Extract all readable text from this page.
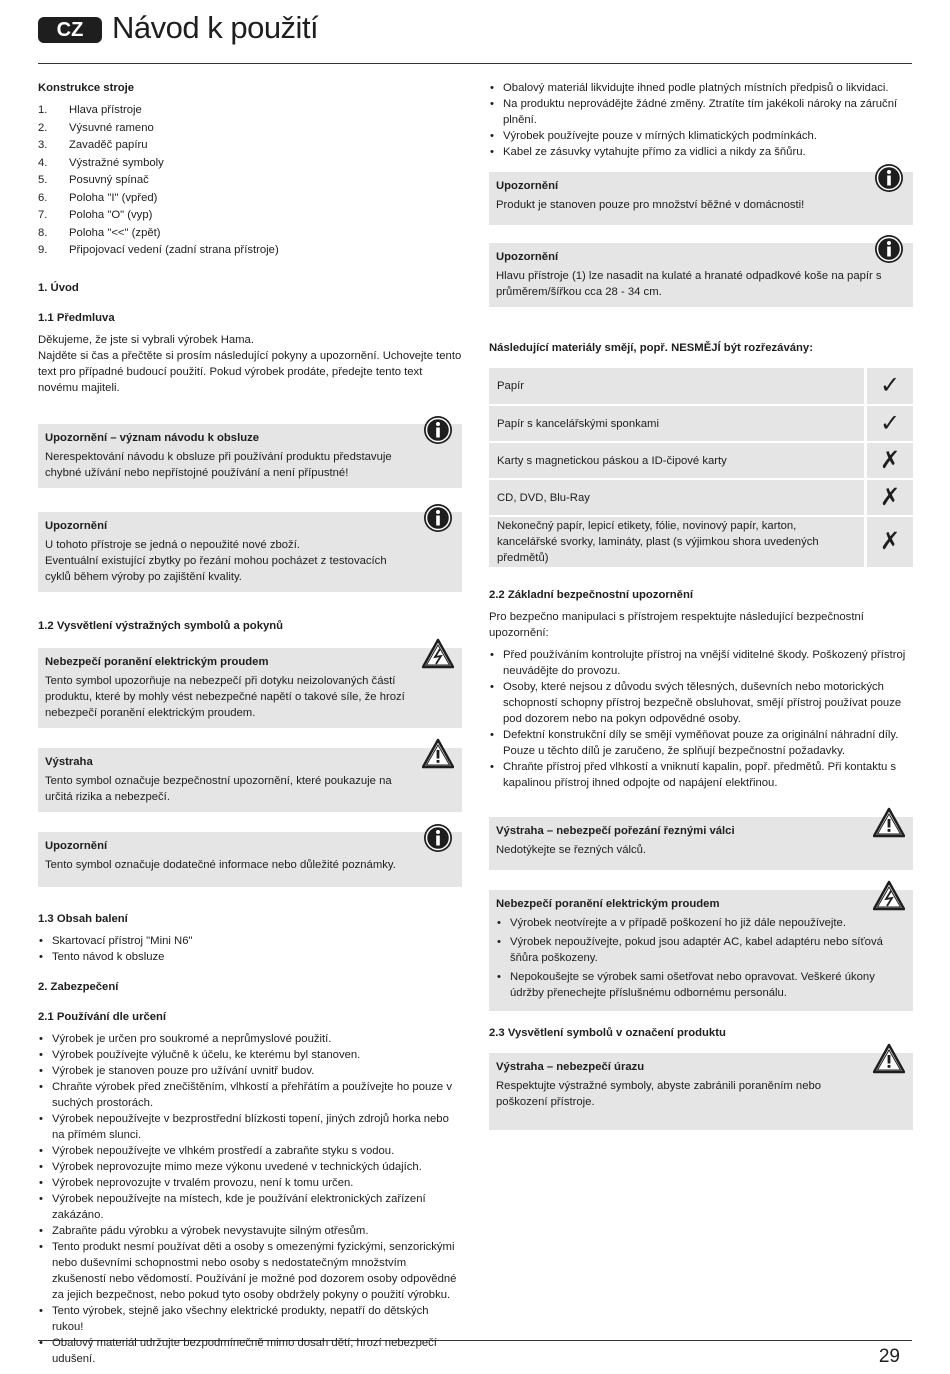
CZ Návod k použití

Konstrukce stroje

1.	Hlava přístroje
2.	Výsuvné rameno
3.	Zavaděč papíru
4.	Výstražné symboly
5.	Posuvný spínač
6.	Poloha "I" (vpřed)
7.	Poloha "O" (vyp)
8.	Poloha "<<" (zpět)
9.	Připojovací vedení (zadní strana přístroje)

1. Úvod

1.1 Předmluva

Děkujeme, že jste si vybrali výrobek Hama.

Najděte si čas a přečtěte si prosím následující pokyny a upozornění. Uchovejte tento text pro případné budoucí použití. Pokud výrobek prodáte, předejte tento text novému majiteli.

Upozornění – význam návodu k obsluze

Nerespektování návodu k obsluze při používání produktu představuje chybné užívání nebo nepřístojné používání a není přípustné!

Upozornění

U tohoto přístroje se jedná o nepoužité nové zboží.

Eventuální existující zbytky po řezání mohou pocházet z testovacích cyklů během výroby po zajištění kvality.

1.2 Vysvětlení výstražných symbolů a pokynů

Nebezpečí poranění elektrickým proudem

Tento symbol upozorňuje na nebezpečí při dotyku neizolovaných částí produktu, které by mohly vést nebezpečné napětí o takové síle, že hrozí nebezpečí poranění elektrickým proudem.

Výstraha

Tento symbol označuje bezpečnostní upozornění, které poukazuje na určitá rizika a nebezpečí.

Upozornění

Tento symbol označuje dodatečné informace nebo důležité poznámky.

1.3 Obsah balení

• Skartovací přístroj "Mini N6"
• Tento návod k obsluze

2. Zabezpečení

2.1 Používání dle určení

• Výrobek je určen pro soukromé a neprůmyslové použití.
• Výrobek používejte výlučně k účelu, ke kterému byl stanoven.
• Výrobek je stanoven pouze pro užívání uvnitř budov.
• Chraňte výrobek před znečištěním, vlhkostí a přehřátím a používejte ho pouze v suchých prostorách.
• Výrobek nepoužívejte v bezprostřední blízkosti topení, jiných zdrojů horka nebo na přímém slunci.
• Výrobek nepoužívejte ve vlhkém prostředí a zabraňte styku s vodou.
• Výrobek neprovozujte mimo meze výkonu uvedené v technických údajích.
• Výrobek neprovozujte v trvalém provozu, není k tomu určen.
• Výrobek nepoužívejte na místech, kde je používání elektronických zařízení zakázáno.
• Zabraňte pádu výrobku a výrobek nevystavujte silným otřesům.
• Tento produkt nesmí používat děti a osoby s omezenými fyzickými, senzorickými nebo duševními schopnostmi nebo osoby s nedostatečným množstvím zkušeností nebo vědomostí. Používání je možné pod dozorem osoby odpovědné za jejich bezpečnost, nebo pokud tyto osoby obdržely pokyny o použití výrobku.
• Tento výrobek, stejně jako všechny elektrické produkty, nepatří do dětských rukou!
• Obalový materiál udržujte bezpodmínečně mimo dosah dětí, hrozí nebezpečí udušení.
• Obalový materiál likvidujte ihned podle platných místních předpisů o likvidaci.
• Na produktu neprovádějte žádné změny. Ztratíte tím jakékoli nároky na záruční plnění.
• Výrobek používejte pouze v mírných klimatických podmínkách.
• Kabel ze zásuvky vytahujte přímo za vidlici a nikdy za šňůru.
Upozornění

Produkt je stanoven pouze pro množství běžné v domácnosti!

Upozornění

Hlavu přístroje (1) lze nasadit na kulaté a hranaté odpadkové koše na papír s průměrem/šířkou cca 28 - 34 cm.

Následující materiály smějí, popř. NESMĚJÍ být rozřezávány:

Papír	✓
Papír s kancelářskými sponkami	✓
Karty s magnetickou páskou a ID-čipové karty	✗
CD, DVD, Blu-Ray	✗
Nekonečný papír, lepicí etikety, fólie, novinový papír, karton, kancelářské svorky, lamináty, plast (s výjimkou shora uvedených předmětů)	✗

2.2 Základní bezpečnostní upozornění

Pro bezpečno manipulaci s přístrojem respektujte následující bezpečnostní upozornění:

• Před používáním kontrolujte přístroj na vnější viditelné škody. Poškozený přístroj neuvádějte do provozu.
• Osoby, které nejsou z důvodu svých tělesných, duševních nebo motorických schopností schopny přístroj bezpečně obsluhovat, smějí přístroj používat pouze pod dozorem nebo na pokyn odpovědné osoby.
• Defektní konstrukční díly se smějí vyměňovat pouze za originální náhradní díly. Pouze u těchto dílů je zaručeno, že splňují bezpečnostní požadavky.
• Chraňte přístroj před vlhkostí a vniknutí kapalin, popř. předmětů. Při kontaktu s kapalinou přístroj ihned odpojte od napájení elektřinou.
Výstraha – nebezpečí pořezání řeznými válci

Nedotýkejte se řezných válců.

Nebezpečí poranění elektrickým proudem
• Výrobek neotvírejte a v případě poškození ho již dále nepoužívejte.
• Výrobek nepoužívejte, pokud jsou adaptér AC, kabel adaptéru nebo síťová šňůra poškozeny.
• Nepokoušejte se výrobek sami ošetřovat nebo opravovat. Veškeré úkony údržby přenechejte příslušnému odbornému personálu.

2.3 Vysvětlení symbolů v označení produktu

Výstraha – nebezpečí úrazu

Respektujte výstražné symboly, abyste zabránili poraněním nebo poškození přístroje.

29
